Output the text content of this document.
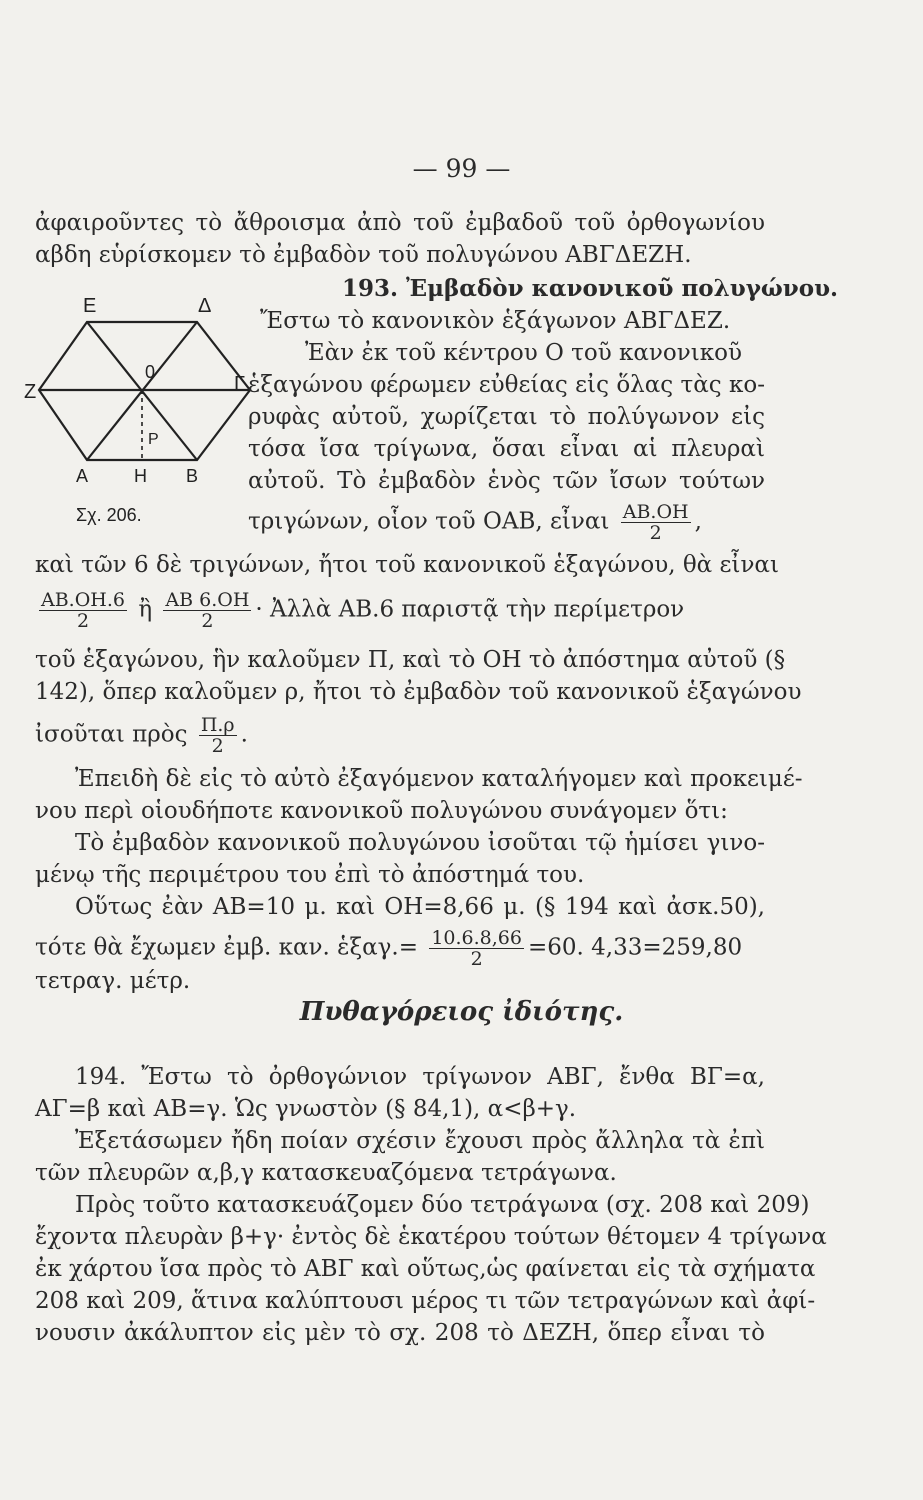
— 99 —
ἀφαιροῦντες τὸ ἄθροισμα ἀπὸ τοῦ ἐμβαδοῦ τοῦ ὀρθογωνίου
αβδη εὑρίσκομεν τὸ ἐμβαδὸν τοῦ πολυγώνου ΑΒΓΔΕΖΗ.
Ε	Δ
Ζ	Γ
0
Ρ
Α	Η Β
Σχ. 206.
193. Ἐμβαδὸν κανονικοῦ πολυγώνου.
Ἔστω τὸ κανονικὸν ἑξάγωνον ΑΒΓΔΕΖ.
Ἐὰν ἐκ τοῦ κέντρου Ο τοῦ κανονικοῦ
ἑξαγώνου φέρωμεν εὐθείας εἰς ὅλας τὰς κο-
ρυφὰς αὐτοῦ, χωρίζεται τὸ πολύγωνον εἰς
τόσα ἴσα τρίγωνα, ὅσαι εἶναι αἱ πλευραὶ
αὐτοῦ. Τὸ ἐμβαδὸν ἑνὸς τῶν ἴσων τούτων
τριγώνων, οἷον τοῦ ΟΑΒ, εἶναι $\frac{AB.OH}{2}$ ,
καὶ τῶν 6 δὲ τριγώνων, ἤτοι τοῦ κανονικοῦ ἑξαγώνου, θὰ εἶναι
$\frac{AB.OH.6}{2}$ ἢ $\frac{AB 6.OH}{2}$ · Ἀλλὰ ΑΒ.6 παριστᾷ τὴν περίμετρον
τοῦ ἑξαγώνου, ἣν καλοῦμεν Π, καὶ τὸ ΟΗ τὸ ἀπόστημα αὐτοῦ (§
142), ὅπερ καλοῦμεν ρ, ἤτοι τὸ ἐμβαδὸν τοῦ κανονικοῦ ἑξαγώνου
ἰσοῦται πρὸς $\frac{\Pi.\rho}{2}$ .
Ἐπειδὴ δὲ εἰς τὸ αὐτὸ ἐξαγόμενον καταλήγομεν καὶ προκειμέ-
νου περὶ οἱουδήποτε κανονικοῦ πολυγώνου συνάγομεν ὅτι:
Τὸ ἐμβαδὸν κανονικοῦ πολυγώνου ἰσοῦται τῷ ἡμίσει γινο-
μένῳ τῆς περιμέτρου του ἐπὶ τὸ ἀπόστημά του.
Οὕτως ἐὰν ΑΒ=10 μ. καὶ ΟΗ=8,66 μ. (§ 194 καὶ ἀσκ.50),
τότε θὰ ἔχωμεν ἐμβ. καν. ἑξαγ.= $\frac{10.6.8,66}{2} =60$. 4,33=259,80
τετραγ. μέτρ.
Πυθαγόρειος ἰδιότης.
194. Ἔστω τὸ ὀρθογώνιον τρίγωνον ΑΒΓ, ἔνθα ΒΓ=α,
ΑΓ=β καὶ ΑΒ=γ. Ὡς γνωστὸν (§ 84,1), α<β+γ.
Ἐξετάσωμεν ἤδη ποίαν σχέσιν ἔχουσι πρὸς ἄλληλα τὰ ἐπὶ
τῶν πλευρῶν α,β,γ κατασκευαζόμενα τετράγωνα.
Πρὸς τοῦτο κατασκευάζομεν δύο τετράγωνα (σχ. 208 καὶ 209)
ἔχοντα πλευρὰν β+γ· ἐντὸς δὲ ἑκατέρου τούτων θέτομεν 4 τρίγωνα
ἐκ χάρτου ἴσα πρὸς τὸ ΑΒΓ καὶ οὕτως,ὡς φαίνεται εἰς τὰ σχήματα
208 καὶ 209, ἅτινα καλύπτουσι μέρος τι τῶν τετραγώνων καὶ ἀφί-
νουσιν ἀκάλυπτον εἰς μὲν τὸ σχ. 208 τὸ ΔΕΖΗ, ὅπερ εἶναι τὸ
